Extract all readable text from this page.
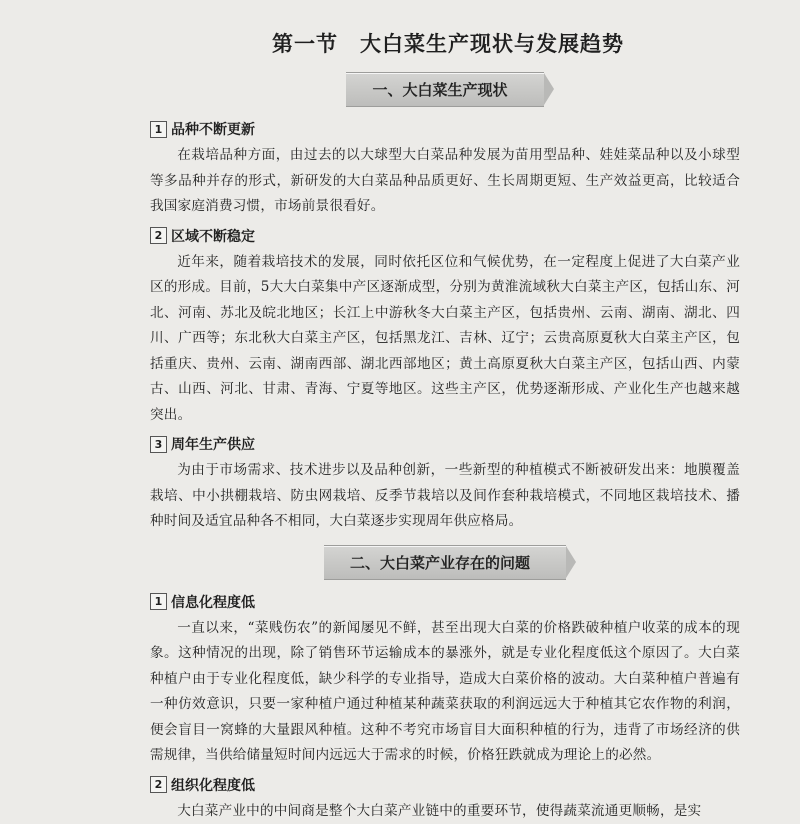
第一节　大白菜生产现状与发展趋势
一、大白菜生产现状
1 品种不断更新

在栽培品种方面，由过去的以大球型大白菜品种发展为苗用型品种、娃娃菜品种以及小球型等多品种并存的形式，新研发的大白菜品种品质更好、生长周期更短、生产效益更高，比较适合我国家庭消费习惯，市场前景很看好。

2 区域不断稳定

近年来，随着栽培技术的发展，同时依托区位和气候优势，在一定程度上促进了大白菜产业区的形成。目前，5大大白菜集中产区逐渐成型，分别为黄淮流域秋大白菜主产区，包括山东、河北、河南、苏北及皖北地区；长江上中游秋冬大白菜主产区，包括贵州、云南、湖南、湖北、四川、广西等；东北秋大白菜主产区，包括黑龙江、吉林、辽宁；云贵高原夏秋大白菜主产区，包括重庆、贵州、云南、湖南西部、湖北西部地区；黄土高原夏秋大白菜主产区，包括山西、内蒙古、山西、河北、甘肃、青海、宁夏等地区。这些主产区，优势逐渐形成、产业化生产也越来越突出。

3 周年生产供应

为由于市场需求、技术进步以及品种创新，一些新型的种植模式不断被研发出来：地膜覆盖栽培、中小拱棚栽培、防虫网栽培、反季节栽培以及间作套种栽培模式，不同地区栽培技术、播种时间及适宜品种各不相同，大白菜逐步实现周年供应格局。

二、大白菜产业存在的问题
1 信息化程度低

一直以来，“菜贱伤农”的新闻屡见不鲜，甚至出现大白菜的价格跌破种植户收菜的成本的现象。这种情况的出现，除了销售环节运输成本的暴涨外，就是专业化程度低这个原因了。大白菜种植户由于专业化程度低，缺少科学的专业指导，造成大白菜价格的波动。大白菜种植户普遍有一种仿效意识，只要一家种植户通过种植某种蔬菜获取的利润远远大于种植其它农作物的利润，便会盲目一窝蜂的大量跟风种植。这种不考究市场盲目大面积种植的行为，违背了市场经济的供需规律，当供给储量短时间内远远大于需求的时候，价格狂跌就成为理论上的必然。

2 组织化程度低

大白菜产业中的中间商是整个大白菜产业链中的重要环节，使得蔬菜流通更顺畅，是实
